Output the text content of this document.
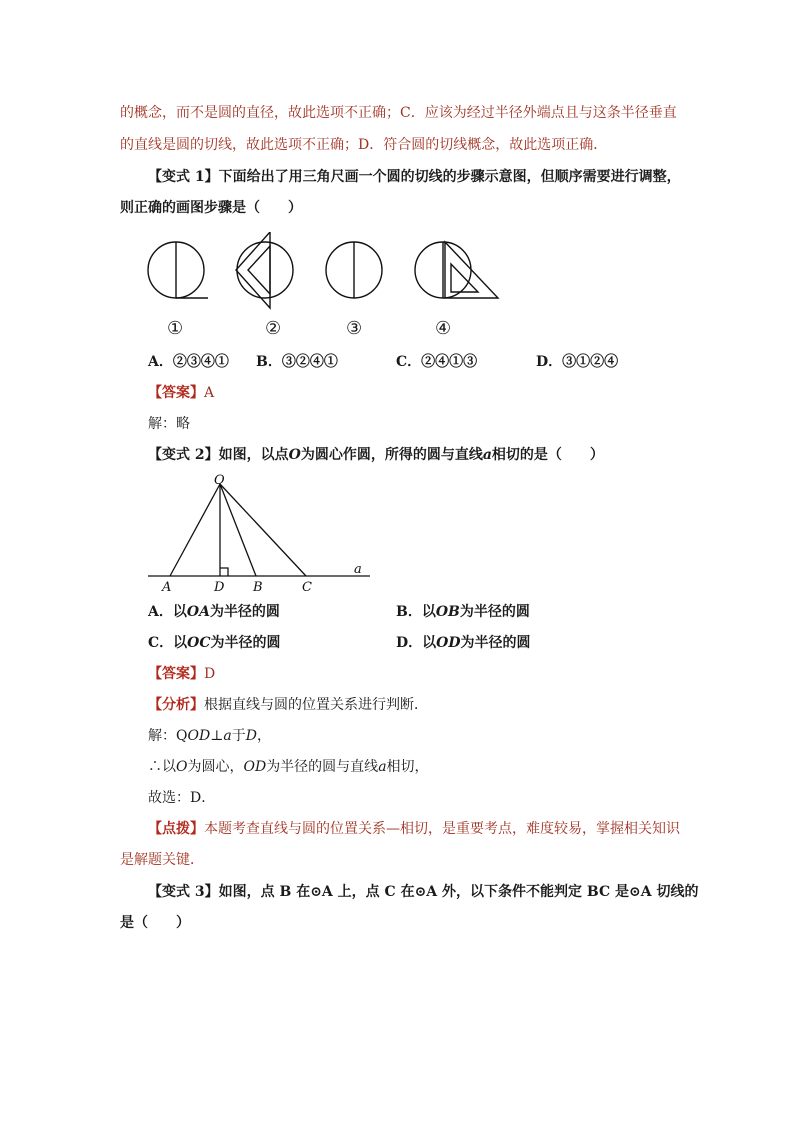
的概念，而不是圆的直径，故此选项不正确；C．应该为经过半径外端点且与这条半径垂直
的直线是圆的切线，故此选项不正确；D．符合圆的切线概念，故此选项正确．
【变式 1】下面给出了用三角尺画一个圆的切线的步骤示意图，但顺序需要进行调整，
则正确的画图步骤是（　　）
①	②	③	④
A．②③④① B．③②④①	C．②④①③	D．③①②④
【答案】A
解：略
【变式 2】如图，以点O为圆心作圆，所得的圆与直线a相切的是（　　）
O
A	D B	C
a
A．以OA为半径的圆	B．以OB为半径的圆
C．以OC为半径的圆	D．以OD为半径的圆
【答案】D
【分析】根据直线与圆的位置关系进行判断．
解：QOD⊥a于D，
∴以O为圆心，OD为半径的圆与直线a相切，
故选：D．
【点拨】本题考查直线与圆的位置关系—相切，是重要考点，难度较易，掌握相关知识
是解题关键．
【变式 3】如图，点 B 在⊙A 上，点 C 在⊙A 外，以下条件不能判定 BC 是⊙A 切线的
是（　　）
